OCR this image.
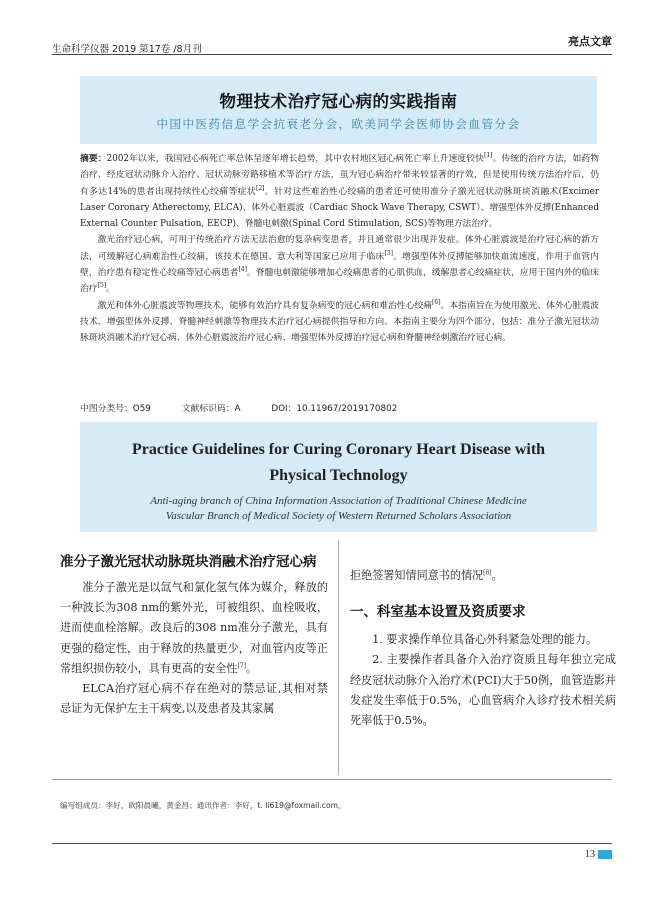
生命科学仪器 2019 第17卷 /8月刊
亮点文章
物理技术治疗冠心病的实践指南
中国中医药信息学会抗衰老分会，欧美同学会医师协会血管分会

摘要：2002年以来，我国冠心病死亡率总体呈逐年增长趋势，其中农村地区冠心病死亡率上升速度较快[1]。传统的治疗方法，如药物治疗、经皮冠状动脉介入治疗、冠状动脉旁路移植术等治疗方法，虽为冠心病治疗带来较显著的疗效，但是使用传统方法治疗后，仍有多达14%的患者出现持续性心绞痛等症状[2]。针对这些难治性心绞痛的患者还可使用准分子激光冠状动脉斑块消融术(Excimer Laser Coronary Atherectomy, ELCA)、体外心脏震波（Cardiac Shock Wave Therapy, CSWT）、增强型体外反搏(Enhanced External Counter Pulsation, EECP)、脊髓电刺激(Spinal Cord Stimulation, SCS)等物理方法治疗。

激光治疗冠心病，可用于传统治疗方法无法治愈的复杂病变患者，并且通常很少出现并发症。体外心脏震波是治疗冠心病的新方法，可缓解冠心病难治性心绞痛，该技术在德国、意大利等国家已应用于临床[3]。增强型体外反搏能够加快血流速度，作用于血管内壁，治疗患有稳定性心绞痛等冠心病患者[4]。脊髓电刺激能够增加心绞痛患者的心肌供血，缓解患者心绞痛症状，应用于国内外的临床治疗[5]。

激光和体外心脏震波等物理技术，能够有效治疗具有复杂病变的冠心病和难治性心绞痛[6]。本指南旨在为使用激光、体外心脏震波技术、增强型体外反搏、脊髓神经刺激等物理技术治疗冠心病提供指导和方向。本指南主要分为四个部分，包括：准分子激光冠状动脉斑块消融术治疗冠心病、体外心脏震波治疗冠心病、增强型体外反搏治疗冠心病和脊髓神经刺激治疗冠心病。

中图分类号：O59	文献标识码：A	DOI：10.11967/2019170802
Practice Guidelines for Curing Coronary Heart Disease with
Physical Technology
Anti-aging branch of China Information Association of Traditional Chinese Medicine
Vascular Branch of Medical Society of Western Returned Scholars Association
准分子激光冠状动脉斑块消融术治疗冠心病

准分子激光是以氙气和氯化氢气体为媒介，释放的一种波长为308 nm的紫外光，可被组织、血栓吸收，进而使血栓溶解。改良后的308 nm准分子激光，具有更强的稳定性，由于释放的热量更少，对血管内皮等正常组织损伤较小，具有更高的安全性[7]。

ELCA治疗冠心病不存在绝对的禁忌证,其相对禁忌证为无保护左主干病变,以及患者及其家属

拒绝签署知情同意书的情况[8]。

一、科室基本设置及资质要求

1. 要求操作单位具备心外科紧急处理的能力。

2. 主要操作者具备介入治疗资质且每年独立完成经皮冠状动脉介入治疗术(PCI)大于50例，血管造影并发症发生率低于0.5%，心血管病介入诊疗技术相关病死率低于0.5%。

编写组成员：李好，欧阳晨曦，黄金昌；通讯作者：李好，t. li619@foxmail.com。
13
